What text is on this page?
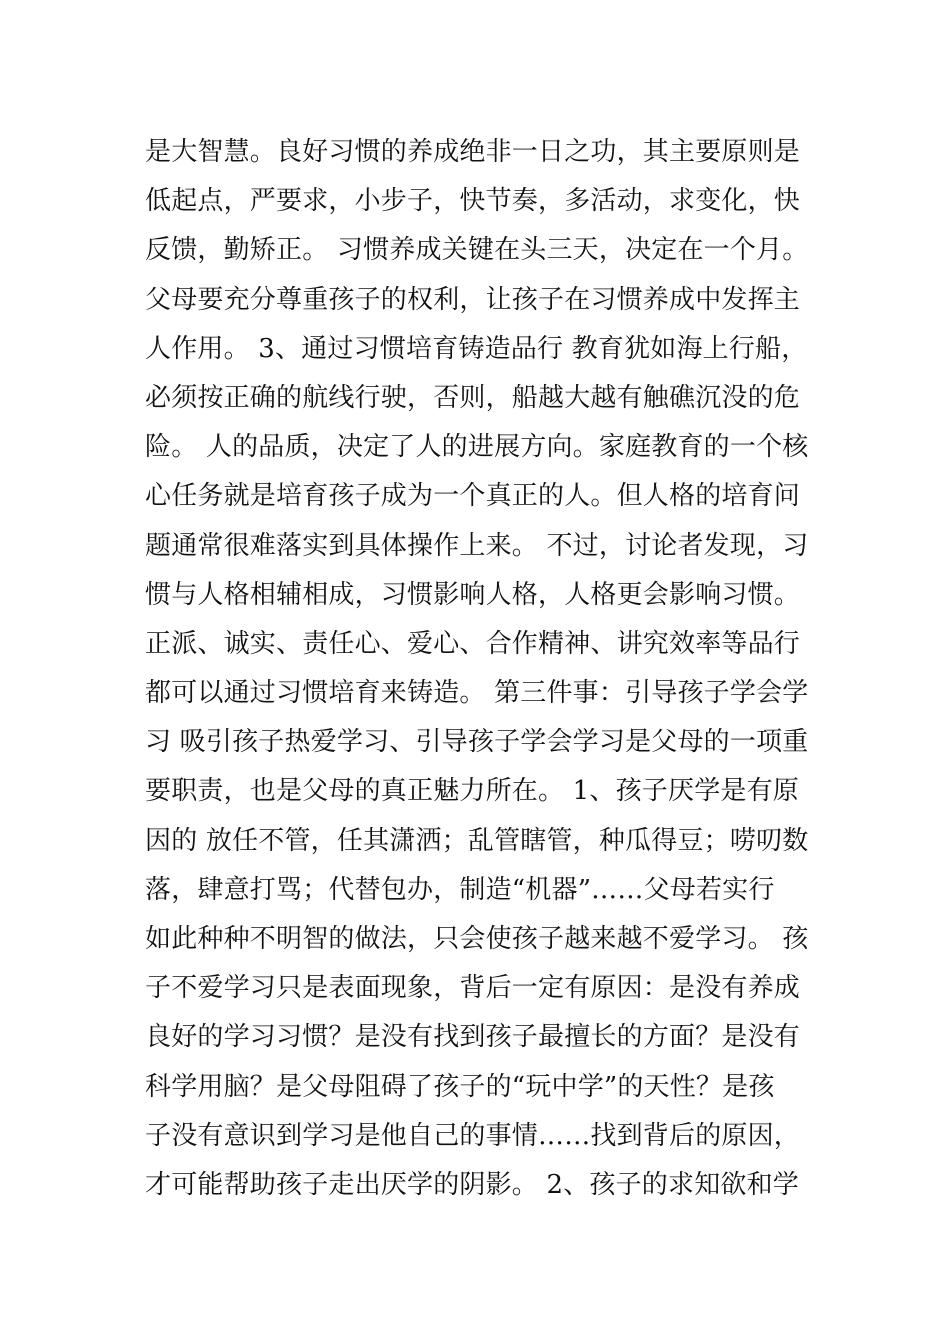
是大智慧。良好习惯的养成绝非一日之功，其主要原则是
低起点，严要求，小步子，快节奏，多活动，求变化，快
反馈，勤矫正。 习惯养成关键在头三天，决定在一个月。
父母要充分尊重孩子的权利，让孩子在习惯养成中发挥主
人作用。 3、通过习惯培育铸造品行 教育犹如海上行船，
必须按正确的航线行驶，否则，船越大越有触礁沉没的危
险。 人的品质，决定了人的进展方向。家庭教育的一个核
心任务就是培育孩子成为一个真正的人。但人格的培育问
题通常很难落实到具体操作上来。 不过，讨论者发现，习
惯与人格相辅相成，习惯影响人格，人格更会影响习惯。
正派、诚实、责任心、爱心、合作精神、讲究效率等品行
都可以通过习惯培育来铸造。 第三件事：引导孩子学会学
习 吸引孩子热爱学习、引导孩子学会学习是父母的一项重
要职责，也是父母的真正魅力所在。 1、孩子厌学是有原
因的 放任不管，任其潇洒；乱管瞎管，种瓜得豆；唠叨数
落，肆意打骂；代替包办，制造“机器”……父母若实行
如此种种不明智的做法，只会使孩子越来越不爱学习。 孩
子不爱学习只是表面现象，背后一定有原因：是没有养成
良好的学习习惯？是没有找到孩子最擅长的方面？是没有
科学用脑？是父母阻碍了孩子的“玩中学”的天性？是孩
子没有意识到学习是他自己的事情……找到背后的原因，
才可能帮助孩子走出厌学的阴影。 2、孩子的求知欲和学
